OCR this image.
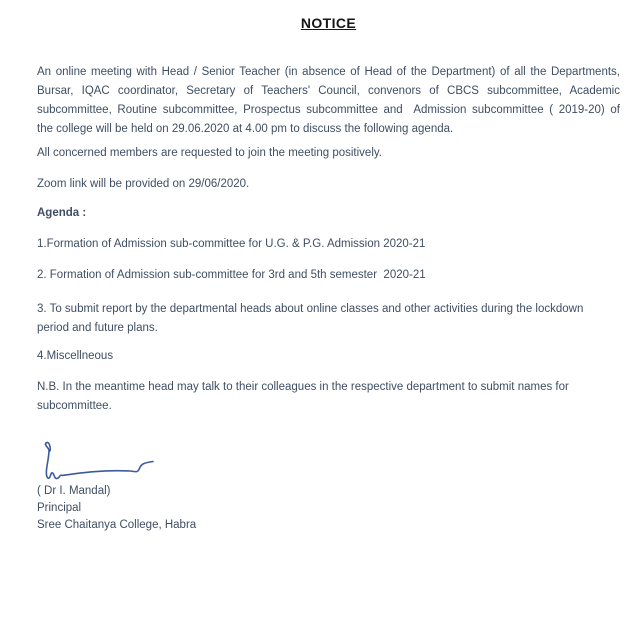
NOTICE
An online meeting with Head / Senior Teacher (in absence of Head of the Department) of all the Departments,
Bursar, IQAC coordinator, Secretary of Teachers' Council, convenors of CBCS subcommittee, Academic
subcommittee, Routine subcommittee, Prospectus subcommittee and  Admission subcommittee ( 2019-20) of
the college will be held on 29.06.2020 at 4.00 pm to discuss the following agenda.
All concerned members are requested to join the meeting positively.
Zoom link will be provided on 29/06/2020.
Agenda :
1.Formation of Admission sub-committee for U.G. & P.G. Admission 2020-21
2. Formation of Admission sub-committee for 3rd and 5th semester  2020-21
3. To submit report by the departmental heads about online classes and other activities during the lockdown
period and future plans.
4.Miscellneous
N.B. In the meantime head may talk to their colleagues in the respective department to submit names for
subcommittee.
( Dr I. Mandal)
Principal
Sree Chaitanya College, Habra
